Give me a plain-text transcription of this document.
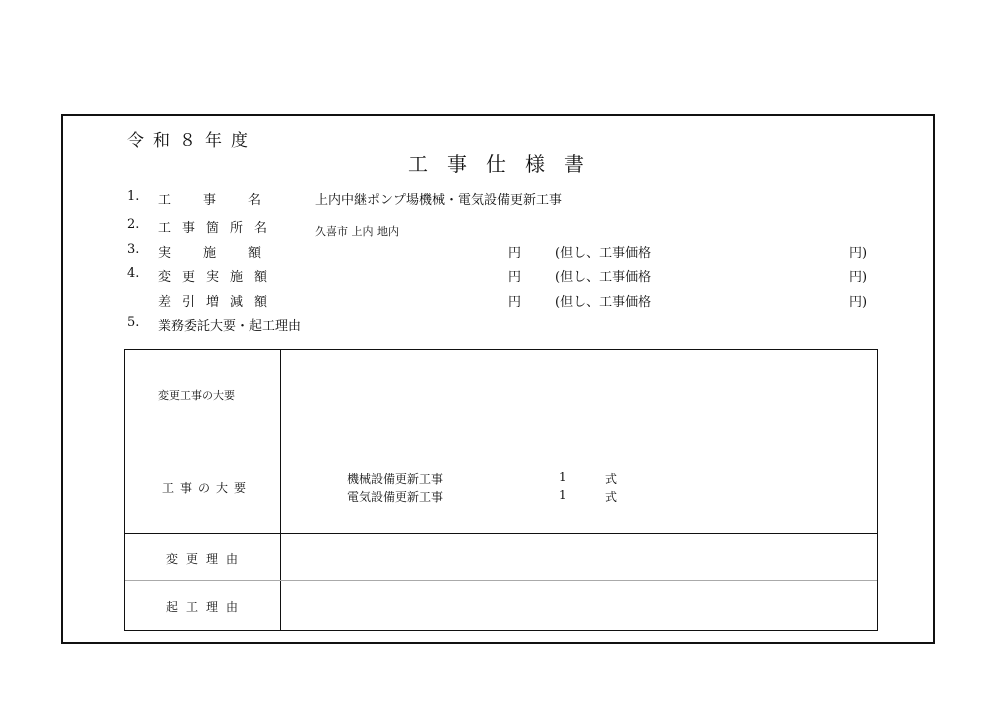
令和８年度
工事仕様書
1. 工　　事　　名	上内中継ポンプ場機械・電気設備更新工事
2. 工事箇所名	久喜市 上内 地内
3. 実　　施　　額	円	(但し、工事価格	円)
4. 変更実施額	円	(但し、工事価格	円)
差引増減額	円	(但し、工事価格	円)
5. 業務委託大要・起工理由
変更工事の大要
工事の大要
機械設備更新工事	1	式
電気設備更新工事	1	式
変更理由
起工理由
